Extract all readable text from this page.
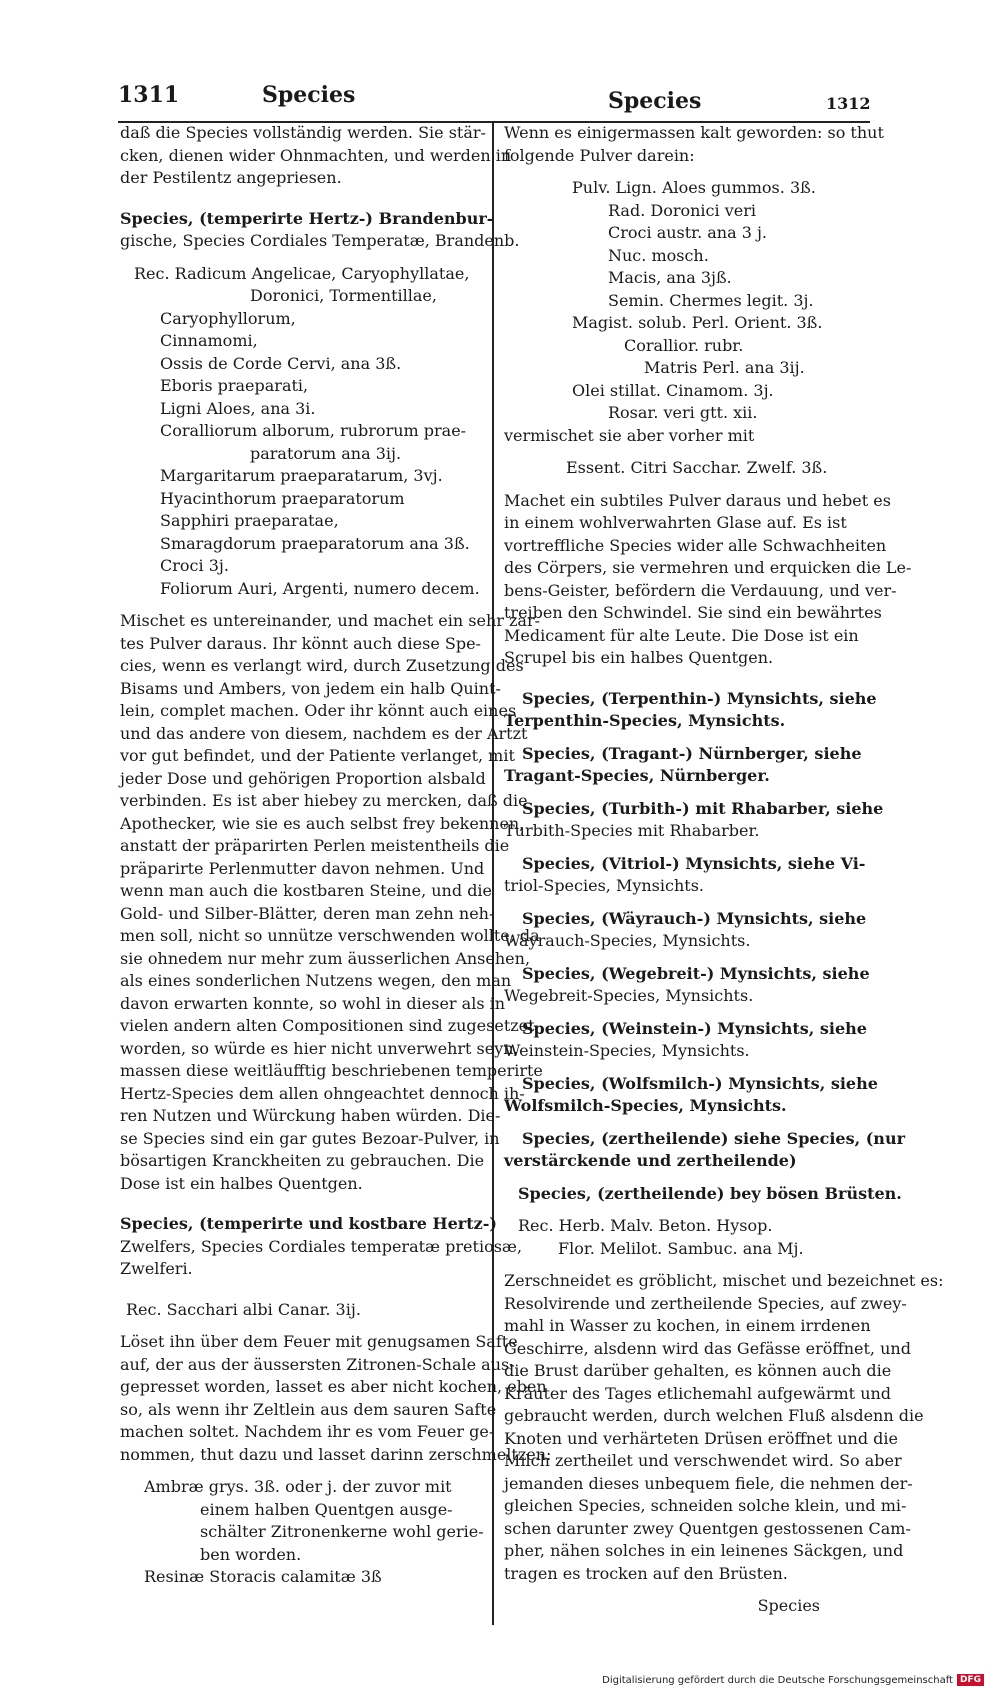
1311	Species	Species	1312

daß die Species vollständig werden. Sie stär-
cken, dienen wider Ohnmachten, und werden in
der Pestilentz angepriesen.

Species, (temperirte Hertz-) Brandenbur-
gische, Species Cordiales Temperatæ, Brandenb.

Rec. Radicum Angelicae, Caryophyllatae,
Doronici, Tormentillae,
Caryophyllorum,
Cinnamomi,
Ossis de Corde Cervi, ana 3ß.
Eboris praeparati,
Ligni Aloes, ana 3i.
Coralliorum alborum, rubrorum prae-
paratorum ana 3ij.
Margaritarum praeparatarum, 3vj.
Hyacinthorum praeparatorum
Sapphiri praeparatae,
Smaragdorum praeparatorum ana 3ß.
Croci 3j.
Foliorum Auri, Argenti, numero decem.

Mischet es untereinander, und machet ein sehr zar-
tes Pulver daraus. Ihr könnt auch diese Spe-
cies, wenn es verlangt wird, durch Zusetzung des
Bisams und Ambers, von jedem ein halb Quint-
lein, complet machen. Oder ihr könnt auch eines
und das andere von diesem, nachdem es der Artzt
vor gut befindet, und der Patiente verlanget, mit
jeder Dose und gehörigen Proportion alsbald
verbinden. Es ist aber hiebey zu mercken, daß die
Apothecker, wie sie es auch selbst frey bekennen,
anstatt der präparirten Perlen meistentheils die
präparirte Perlenmutter davon nehmen. Und
wenn man auch die kostbaren Steine, und die
Gold- und Silber-Blätter, deren man zehn neh-
men soll, nicht so unnütze verschwenden wollte, da
sie ohnedem nur mehr zum äusserlichen Ansehen,
als eines sonderlichen Nutzens wegen, den man
davon erwarten konnte, so wohl in dieser als in
vielen andern alten Compositionen sind zugesetzet
worden, so würde es hier nicht unverwehrt seyn,
massen diese weitläufftig beschriebenen temperirte
Hertz-Species dem allen ohngeachtet dennoch ih-
ren Nutzen und Würckung haben würden. Die-
se Species sind ein gar gutes Bezoar-Pulver, in
bösartigen Kranckheiten zu gebrauchen. Die
Dose ist ein halbes Quentgen.

Species, (temperirte und kostbare Hertz-)
Zwelfers, Species Cordiales temperatæ pretiosæ,
Zwelferi.

Rec. Sacchari albi Canar. 3ij.

Löset ihn über dem Feuer mit genugsamen Safte
auf, der aus der äussersten Zitronen-Schale aus-
gepresset worden, lasset es aber nicht kochen, eben
so, als wenn ihr Zeltlein aus dem sauren Safte
machen soltet. Nachdem ihr es vom Feuer ge-
nommen, thut dazu und lasset darinn zerschmeltzen:

Ambræ grys. 3ß. oder j. der zuvor mit
einem halben Quentgen ausge-
schälter Zitronenkerne wohl gerie-
ben worden.
Resinæ Storacis calamitæ 3ß

Wenn es einigermassen kalt geworden: so thut
folgende Pulver darein:

Pulv. Lign. Aloes gummos. 3ß.
Rad. Doronici veri
Croci austr. ana 3 j.
Nuc. mosch.
Macis, ana 3jß.
Semin. Chermes legit. 3j.
Magist. solub. Perl. Orient. 3ß.
Corallior. rubr.
Matris Perl. ana 3ij.
Olei stillat. Cinamom. 3j.
Rosar. veri gtt. xii.
vermischet sie aber vorher mit
Essent. Citri Sacchar. Zwelf. 3ß.

Machet ein subtiles Pulver daraus und hebet es
in einem wohlverwahrten Glase auf. Es ist
vortreffliche Species wider alle Schwachheiten
des Cörpers, sie vermehren und erquicken die Le-
bens-Geister, befördern die Verdauung, und ver-
treiben den Schwindel. Sie sind ein bewährtes
Medicament für alte Leute. Die Dose ist ein
Scrupel bis ein halbes Quentgen.

Species, (Terpenthin-) Mynsichts, siehe
Terpenthin-Species, Mynsichts.

Species, (Tragant-) Nürnberger, siehe
Tragant-Species, Nürnberger.

Species, (Turbith-) mit Rhabarber, siehe
Turbith-Species mit Rhabarber.

Species, (Vitriol-) Mynsichts, siehe Vi-
triol-Species, Mynsichts.

Species, (Wäyrauch-) Mynsichts, siehe
Wäyrauch-Species, Mynsichts.

Species, (Wegebreit-) Mynsichts, siehe
Wegebreit-Species, Mynsichts.

Species, (Weinstein-) Mynsichts, siehe
Weinstein-Species, Mynsichts.

Species, (Wolfsmilch-) Mynsichts, siehe
Wolfsmilch-Species, Mynsichts.

Species, (zertheilende) siehe Species, (nur
verstärckende und zertheilende)

Species, (zertheilende) bey bösen Brüsten.
Rec. Herb. Malv. Beton. Hysop.
Flor. Melilot. Sambuc. ana Mj.

Zerschneidet es gröblicht, mischet und bezeichnet es:
Resolvirende und zertheilende Species, auf zwey-
mahl in Wasser zu kochen, in einem irrdenen
Geschirre, alsdenn wird das Gefässe eröffnet, und
die Brust darüber gehalten, es können auch die
Kräuter des Tages etlichemahl aufgewärmt und
gebraucht werden, durch welchen Fluß alsdenn die
Knoten und verhärteten Drüsen eröffnet und die
Milch zertheilet und verschwendet wird. So aber
jemanden dieses unbequem fiele, die nehmen der-
gleichen Species, schneiden solche klein, und mi-
schen darunter zwey Quentgen gestossenen Cam-
pher, nähen solches in ein leinenes Säckgen, und
tragen es trocken auf den Brüsten.

Species
Digitalisierung gefördert durch die Deutsche Forschungsgemeinschaft DFG
